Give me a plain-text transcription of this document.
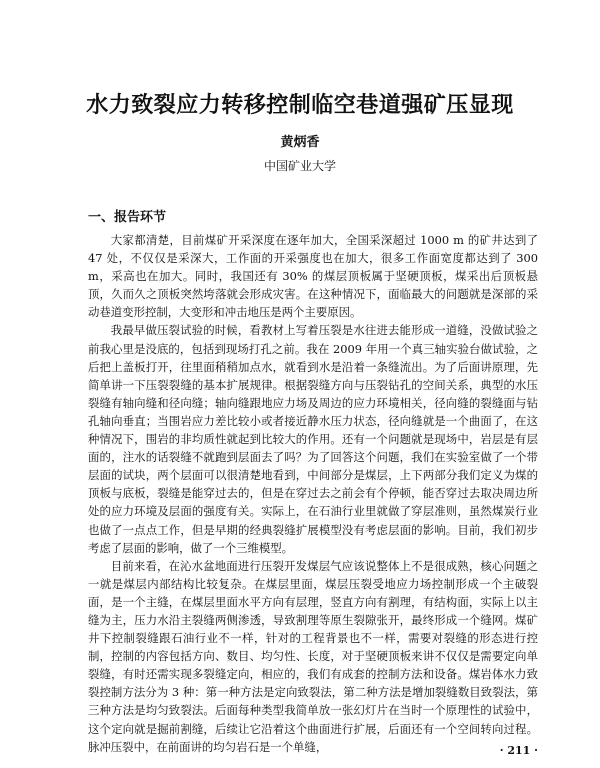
水力致裂应力转移控制临空巷道强矿压显现
黄炳香
中国矿业大学
一、报告环节

大家都清楚，目前煤矿开采深度在逐年加大，全国采深超过 1000 m 的矿井达到了 47 处，不仅仅是采深大，工作面的开采强度也在加大，很多工作面宽度都达到了 300 m，采高也在加大。同时，我国还有 30% 的煤层顶板属于坚硬顶板，煤采出后顶板悬顶，久而久之顶板突然垮落就会形成灾害。在这种情况下，面临最大的问题就是深部的采动巷道变形控制，大变形和冲击地压是两个主要原因。

我最早做压裂试验的时候，看教材上写着压裂是水往进去能形成一道缝，没做试验之前我心里是没底的，包括到现场打孔之前。我在 2009 年用一个真三轴实验台做试验，之后把上盖板打开，往里面稍稍加点水，就看到水是沿着一条缝流出。为了后面讲原理，先简单讲一下压裂裂缝的基本扩展规律。根据裂缝方向与压裂钻孔的空间关系，典型的水压裂缝有轴向缝和径向缝；轴向缝跟地应力场及周边的应力环境相关，径向缝的裂缝面与钻孔轴向垂直；当围岩应力差比较小或者接近静水压力状态，径向缝就是一个曲面了，在这种情况下，围岩的非均质性就起到比较大的作用。还有一个问题就是现场中，岩层是有层面的，注水的话裂缝不就跑到层面去了吗？为了回答这个问题，我们在实验室做了一个带层面的试块，两个层面可以很清楚地看到，中间部分是煤层，上下两部分我们定义为煤的顶板与底板，裂缝是能穿过去的，但是在穿过去之前会有个停顿，能否穿过去取决周边所处的应力环境及层面的强度有关。实际上，在石油行业里就做了穿层准则，虽然煤炭行业也做了一点点工作，但是早期的经典裂缝扩展模型没有考虑层面的影响。目前，我们初步考虑了层面的影响，做了一个三维模型。

目前来看，在沁水盆地面进行压裂开发煤层气应该说整体上不是很成熟，核心问题之一就是煤层内部结构比较复杂。在煤层里面，煤层压裂受地应力场控制形成一个主破裂面，是一个主缝，在煤层里面水平方向有层理，竖直方向有割理，有结构面，实际上以主缝为主，压力水沿主裂缝两侧渗透，导致割理等原生裂隙张开，最终形成一个缝网。煤矿井下控制裂缝跟石油行业不一样，针对的工程背景也不一样，需要对裂缝的形态进行控制，控制的内容包括方向、数目、均匀性、长度，对于坚硬顶板来讲不仅仅是需要定向单裂缝，有时还需实现多裂缝定向，相应的，我们有成套的控制方法和设备。煤岩体水力致裂控制方法分为 3 种：第一种方法是定向致裂法，第二种方法是增加裂缝数目致裂法，第三种方法是均匀致裂法。后面每种类型我简单放一张幻灯片在当时一个原理性的试验中，这个定向就是掘前割缝，后续让它沿着这个曲面进行扩展，后面还有一个空间转向过程。脉冲压裂中，在前面讲的均匀岩石是一个单缝，	· 211 ·
